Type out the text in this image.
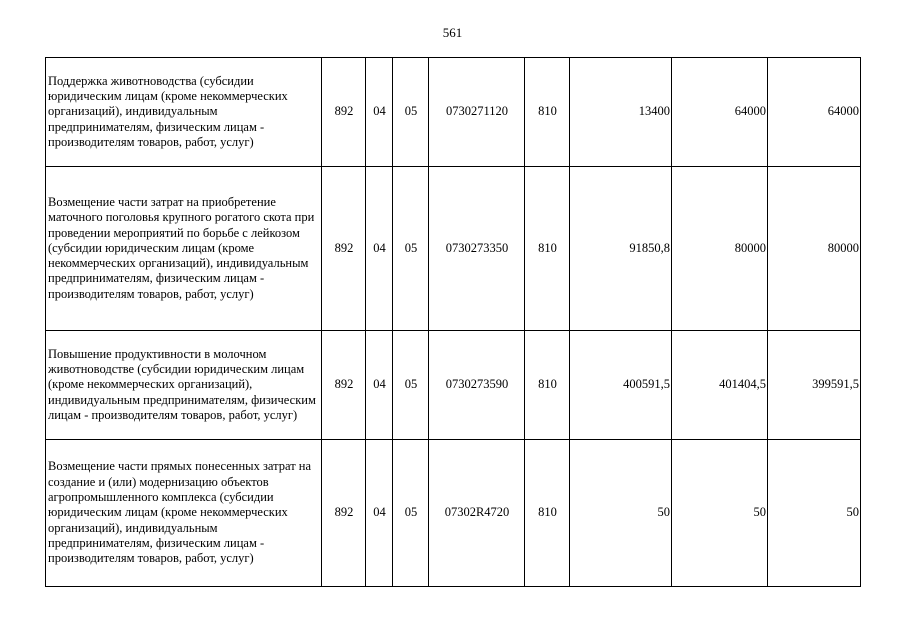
561
Поддержка животноводства (субсидии юридическим лицам (кроме некоммерческих организаций), индивидуальным предпринимателям, физическим лицам - производителям товаров, работ, услуг)	892	04	05	0730271120	810	13400	64000	64000
Возмещение части затрат на приобретение маточного поголовья крупного рогатого скота при проведении мероприятий по борьбе с лейкозом (субсидии юридическим лицам (кроме некоммерческих организаций), индивидуальным предпринимателям, физическим лицам - производителям товаров, работ, услуг)	892	04	05	0730273350	810	91850,8	80000	80000
Повышение продуктивности в молочном животноводстве (субсидии юридическим лицам (кроме некоммерческих организаций), индивидуальным предпринимателям, физическим лицам - производителям товаров, работ, услуг)	892	04	05	0730273590	810	400591,5	401404,5	399591,5
Возмещение части прямых понесенных затрат на создание и (или) модернизацию объектов агропромышленного комплекса (субсидии юридическим лицам (кроме некоммерческих организаций), индивидуальным предпринимателям, физическим лицам - производителям товаров, работ, услуг)	892	04	05	07302R4720	810	50	50	50
